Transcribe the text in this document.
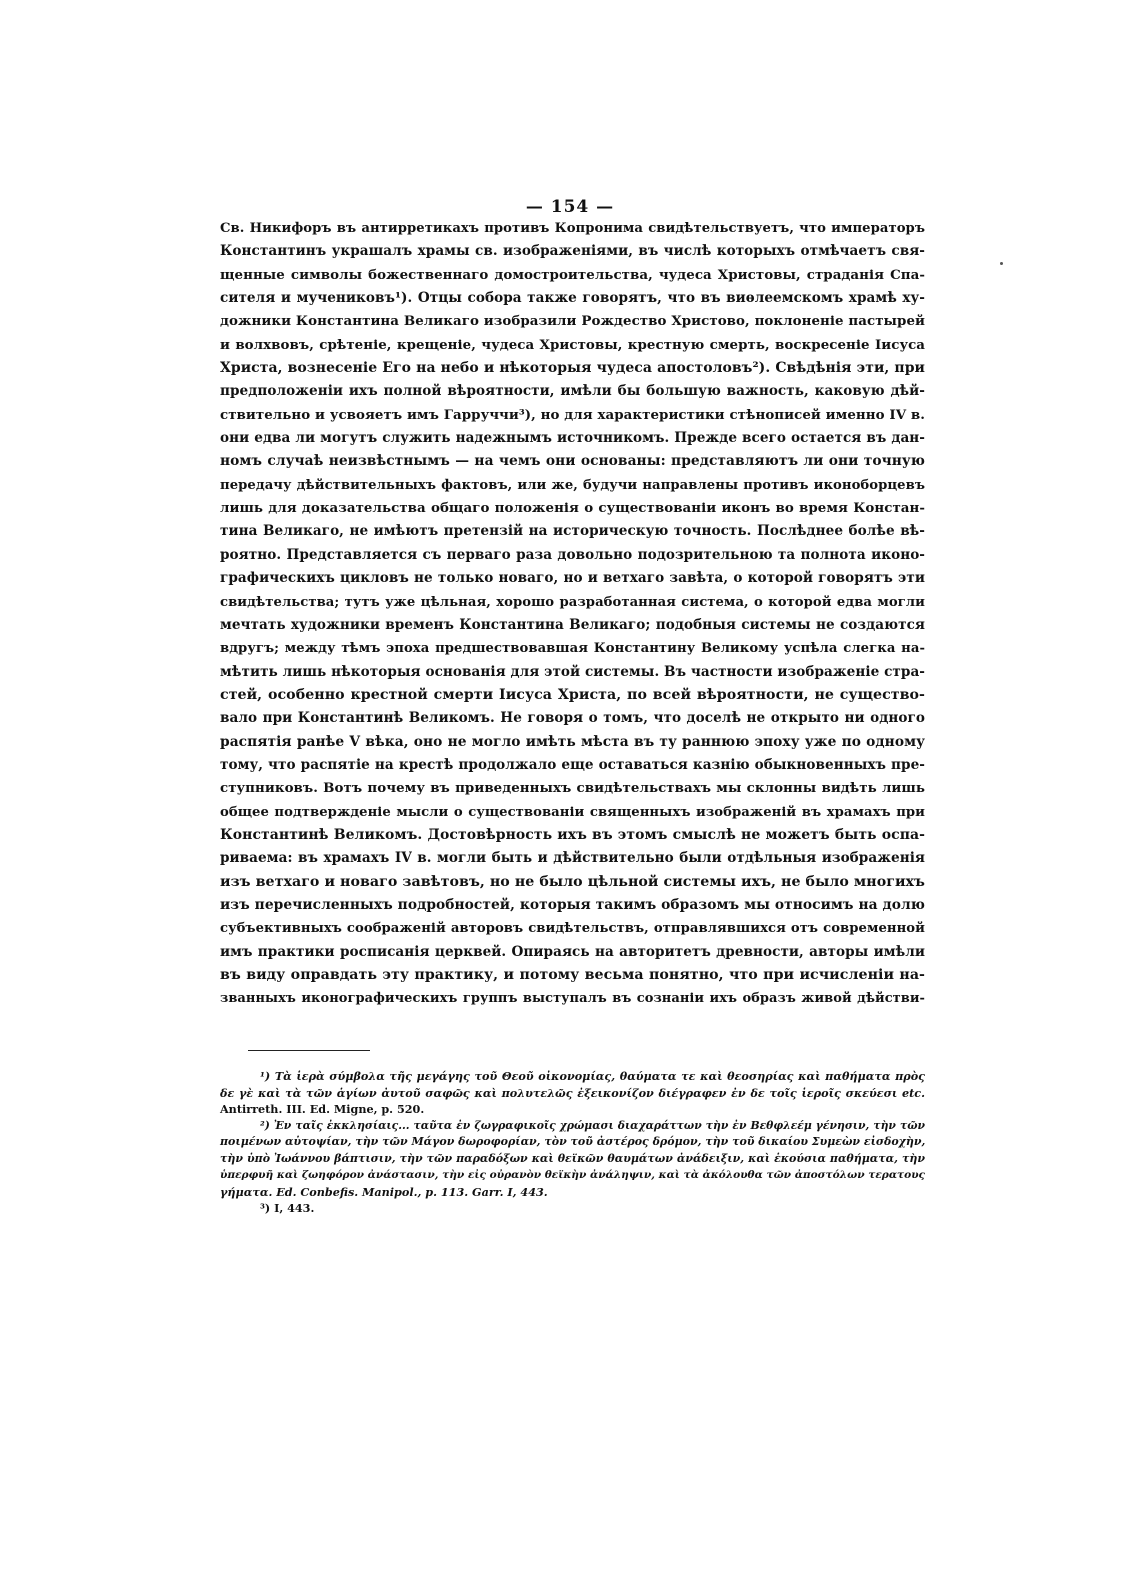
— 154 —
Св. Никифоръ въ антирретикахъ противъ Копронима свидѣтельствуетъ, что императоръ
Константинъ украшалъ храмы св. изображеніями, въ числѣ которыхъ отмѣчаетъ свя-
щенные символы божественнаго домостроительства, чудеса Христовы, страданія Спа-
сителя и мучениковъ¹). Отцы собора также говорятъ, что въ виѳлеемскомъ храмѣ ху-
дожники Константина Великаго изобразили Рождество Христово, поклоненіе пастырей
и волхвовъ, срѣтеніе, крещеніе, чудеса Христовы, крестную смерть, воскресеніе Іисуса
Христа, вознесеніе Его на небо и нѣкоторыя чудеса апостоловъ²). Свѣдѣнія эти, при
предположеніи ихъ полной вѣроятности, имѣли бы большую важность, каковую дѣй-
ствительно и усвояетъ имъ Гарруччи³), но для характеристики стѣнописей именно IV в.
они едва ли могутъ служить надежнымъ источникомъ. Прежде всего остается въ дан-
номъ случаѣ неизвѣстнымъ — на чемъ они основаны: представляютъ ли они точную
передачу дѣйствительныхъ фактовъ, или же, будучи направлены противъ иконоборцевъ
лишь для доказательства общаго положенія о существованіи иконъ во время Констан-
тина Великаго, не имѣютъ претензій на историческую точность. Послѣднее болѣе вѣ-
роятно. Представляется съ перваго раза довольно подозрительною та полнота иконо-
графическихъ цикловъ не только новаго, но и ветхаго завѣта, о которой говорятъ эти
свидѣтельства; тутъ уже цѣльная, хорошо разработанная система, о которой едва могли
мечтать художники временъ Константина Великаго; подобныя системы не создаются
вдругъ; между тѣмъ эпоха предшествовавшая Константину Великому успѣла слегка на-
мѣтить лишь нѣкоторыя основанія для этой системы. Въ частности изображеніе стра-
стей, особенно крестной смерти Іисуса Христа, по всей вѣроятности, не существо-
вало при Константинѣ Великомъ. Не говоря о томъ, что доселѣ не открыто ни одного
распятія ранѣе V вѣка, оно не могло имѣть мѣста въ ту раннюю эпоху уже по одному
тому, что распятіе на крестѣ продолжало еще оставаться казнію обыкновенныхъ пре-
ступниковъ. Вотъ почему въ приведенныхъ свидѣтельствахъ мы склонны видѣть лишь
общее подтвержденіе мысли о существованіи священныхъ изображеній въ храмахъ при
Константинѣ Великомъ. Достовѣрность ихъ въ этомъ смыслѣ не можетъ быть оспа-
риваема: въ храмахъ IV в. могли быть и дѣйствительно были отдѣльныя изображенія
изъ ветхаго и новаго завѣтовъ, но не было цѣльной системы ихъ, не было многихъ
изъ перечисленныхъ подробностей, которыя такимъ образомъ мы относимъ на долю
субъективныхъ соображеній авторовъ свидѣтельствъ, отправлявшихся отъ современной
имъ практики росписанія церквей. Опираясь на авторитетъ древности, авторы имѣли
въ виду оправдать эту практику, и потому весьма понятно, что при исчисленіи на-
званныхъ иконографическихъ группъ выступалъ въ сознаніи ихъ образъ живой дѣйстви-
¹) Τὰ ἱερὰ σύμβολα τῆς μεγάγης τοῦ Θεοῦ οἰκονομίας, θαύματα τε καὶ θεοσηρίας καὶ παθήματα πρὸς
δε γὲ καὶ τὰ τῶν ἁγίων ἀυτοῦ σαφῶς καὶ πολυτελῶς ἐξεικονίζον διέγραφεν ἐν δε τοῖς ἱεροῖς σκεύεσι etc.
Antirreth. III. Ed. Migne, p. 520.
²) Ἐν ταῖς ἐκκλησίαις... ταῦτα ἐν ζωγραφικοῖς χρώμασι διαχαράττων τὴν ἐν Βεθφλεέμ γένησιν, τὴν τῶν
ποιμένων αὐτοψίαν, τὴν τῶν Μάγον δωροφορίαν, τὸν τοῦ ἀστέρος δρόμον, τὴν τοῦ δικαίου Συμεὼν εἰσδοχὴν,
τὴν ὑπὸ Ἰωάννου βάπτισιν, τὴν τῶν παραδόξων καὶ θεϊκῶν θαυμάτων ἀνάδειξιν, καὶ ἑκούσια παθήματα, τὴν
ὑπερφυῆ καὶ ζωηφόρον ἀνάστασιν, τὴν εἰς οὐρανὸν θεϊκὴν ἀνάληψιν, καὶ τὰ ἀκόλουθα τῶν ἀποστόλων τερατους
γήματα. Ed. Conbefis. Manipol., p. 113. Garr. I, 443.
³) I, 443.
